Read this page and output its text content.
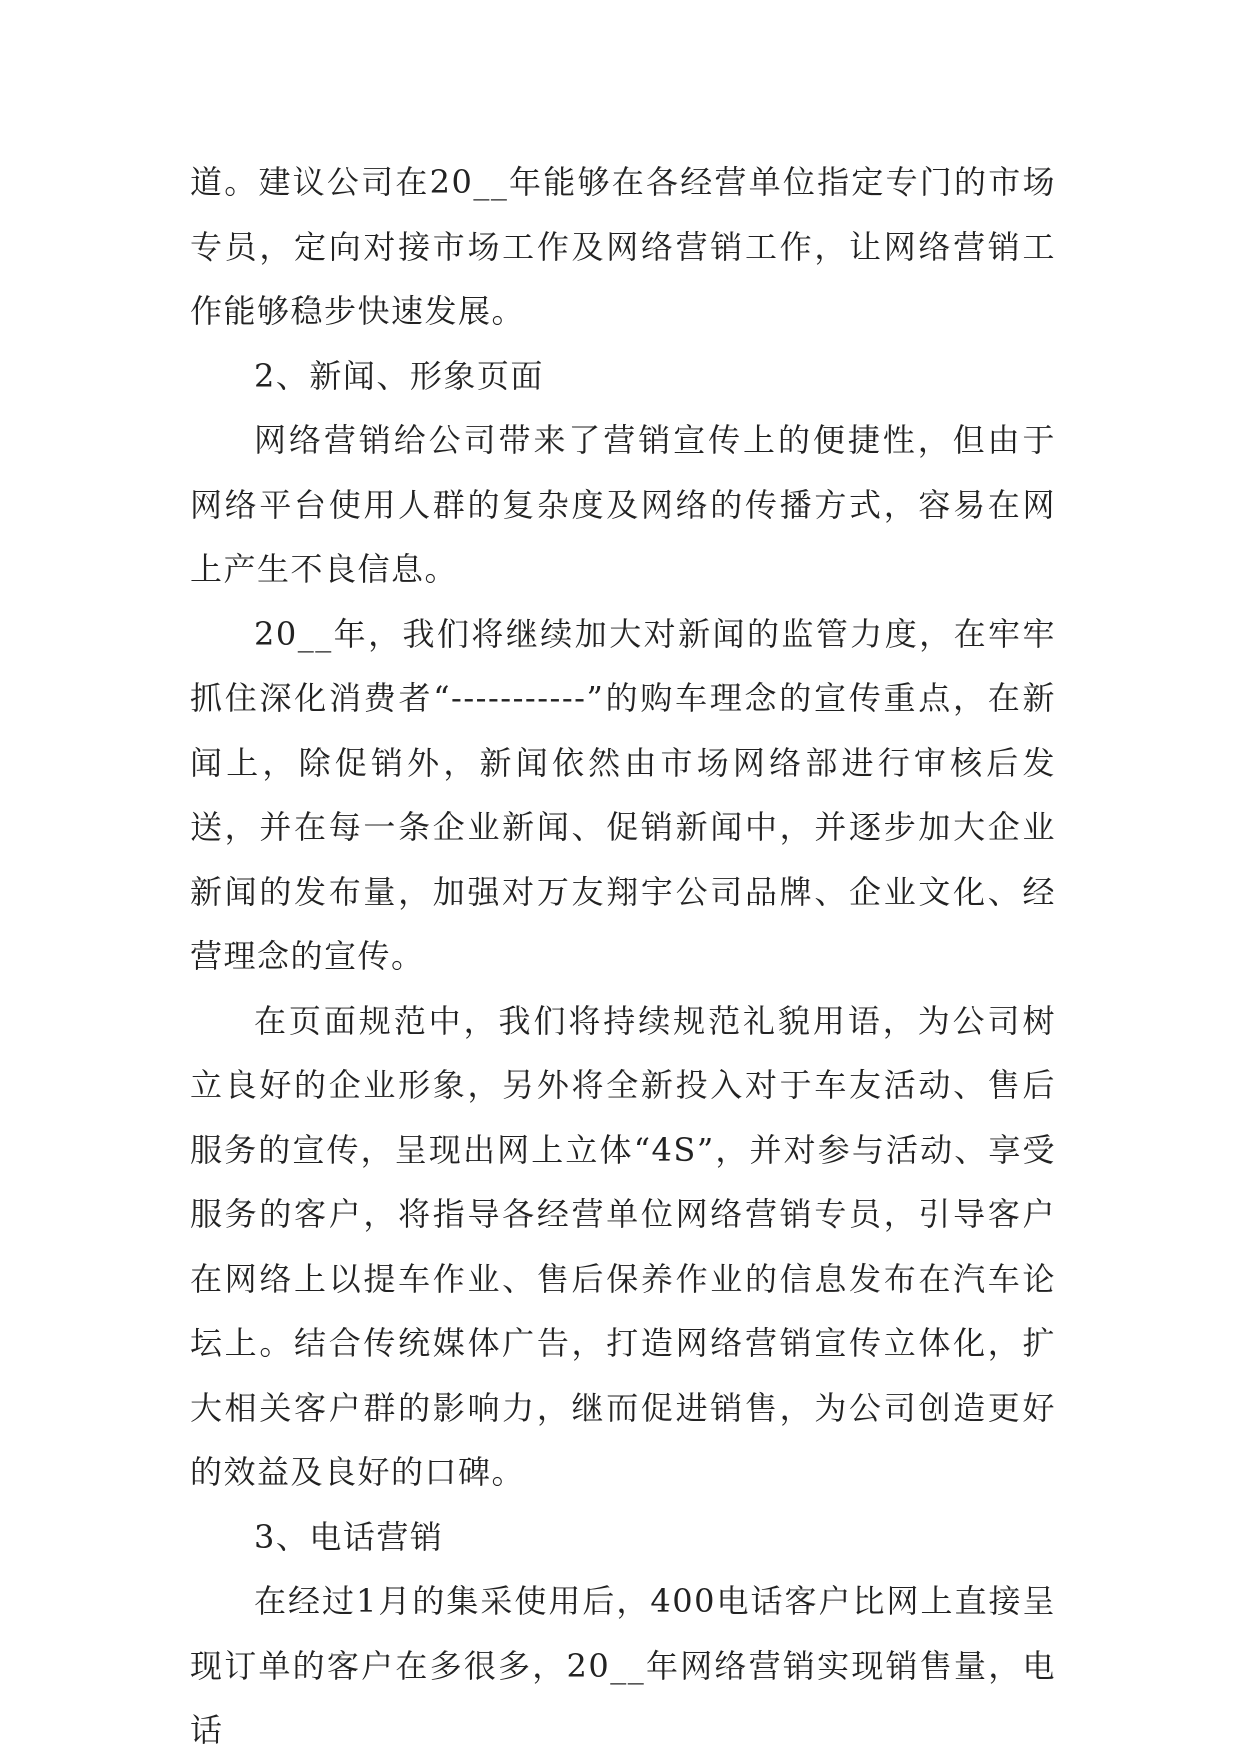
道。建议公司在20__年能够在各经营单位指定专门的市场专员，定向对接市场工作及网络营销工作，让网络营销工作能够稳步快速发展。

2、新闻、形象页面

网络营销给公司带来了营销宣传上的便捷性，但由于网络平台使用人群的复杂度及网络的传播方式，容易在网上产生不良信息。

20__年，我们将继续加大对新闻的监管力度，在牢牢抓住深化消费者“-----------”的购车理念的宣传重点，在新闻上，除促销外，新闻依然由市场网络部进行审核后发送，并在每一条企业新闻、促销新闻中，并逐步加大企业新闻的发布量，加强对万友翔宇公司品牌、企业文化、经营理念的宣传。

在页面规范中，我们将持续规范礼貌用语，为公司树立良好的企业形象，另外将全新投入对于车友活动、售后服务的宣传，呈现出网上立体“4S”，并对参与活动、享受服务的客户，将指导各经营单位网络营销专员，引导客户在网络上以提车作业、售后保养作业的信息发布在汽车论坛上。结合传统媒体广告，打造网络营销宣传立体化，扩大相关客户群的影响力，继而促进销售，为公司创造更好的效益及良好的口碑。

3、电话营销

在经过1月的集采使用后，400电话客户比网上直接呈现订单的客户在多很多，20__年网络营销实现销售量，电话
